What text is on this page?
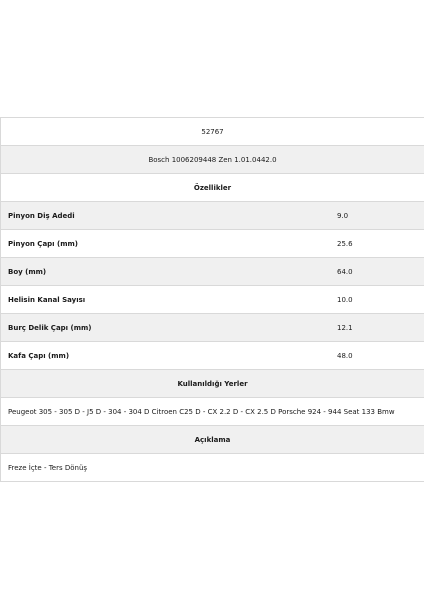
52767
Bosch 1006209448 Zen 1.01.0442.0
Özellikler
Pinyon Diş Adedi	9.0
Pinyon Çapı (mm)	25.6
Boy (mm)	64.0
Helisin Kanal Sayısı	10.0
Burç Delik Çapı (mm)	12.1
Kafa Çapı (mm)	48.0
Kullanıldığı Yerler
Peugeot 305 - 305 D - J5 D - 304 - 304 D Citroen C25 D - CX 2.2 D - CX 2.5 D Porsche 924 - 944 Seat 133 Bmw
Açıklama
Freze İçte - Ters Dönüş
